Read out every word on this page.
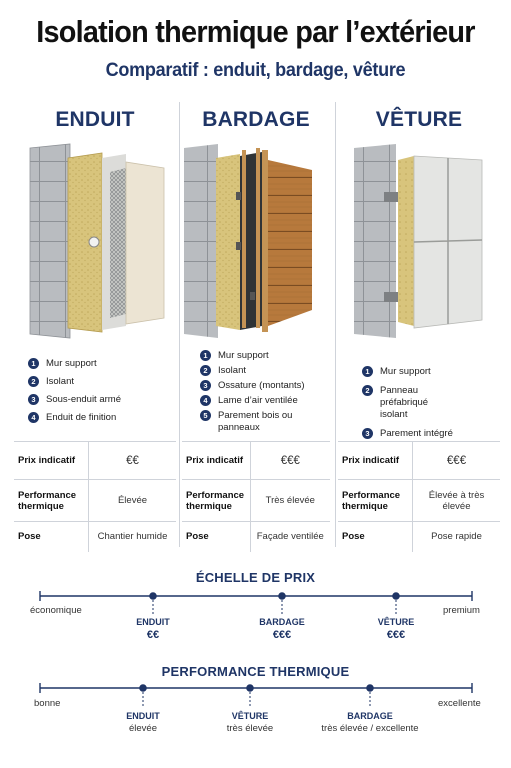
Isolation thermique par l’extérieur
Comparatif : enduit, bardage, vêture
ENDUIT
1	Mur support
2	Isolant
3	Sous-enduit armé
4	Enduit de finition
Prix indicatif	€€
Performance thermique	Élevée
Pose	Chantier humide
BARDAGE
1	Mur support
2	Isolant
3	Ossature (montants)
4	Lame d’air ventilée
5	Parement bois ou panneaux
Prix indicatif	€€€
Performance thermique	Très élevée
Pose	Façade ventilée
VÊTURE
1	Mur support
2	Panneau préfabriqué isolant
3	Parement intégré
Prix indicatif	€€€
Performance thermique	Élevée à très élevée
Pose	Pose rapide
ÉCHELLE DE PRIX
économique	premium
ENDUIT
€€
BARDAGE
€€€
VÊTURE
€€€
PERFORMANCE THERMIQUE
bonne	excellente
ENDUIT
élevée
VÊTURE
très élevée
BARDAGE
très élevée / excellente
